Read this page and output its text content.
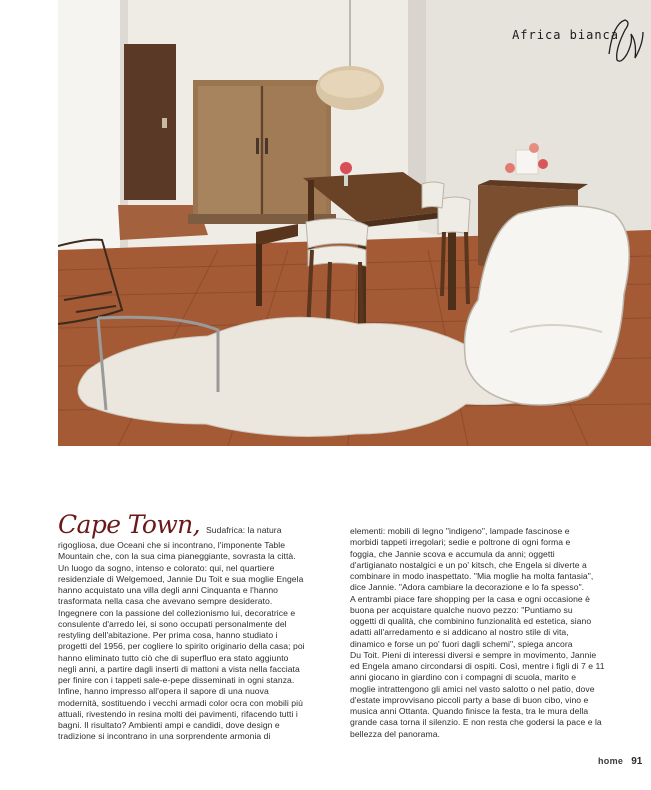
Africa bianca
Cape Town, Sudafrica: la natura

rigogliosa, due Oceani che si incontrano, l'imponente Table

Mountain che, con la sua cima pianeggiante, sovrasta la città.

Un luogo da sogno, intenso e colorato: qui, nel quartiere

residenziale di Welgemoed, Jannie Du Toit e sua moglie Engela

hanno acquistato una villa degli anni Cinquanta e l'hanno

trasformata nella casa che avevano sempre desiderato.

Ingegnere con la passione del collezionismo lui, decoratrice e

consulente d'arredo lei, si sono occupati personalmente del

restyling dell'abitazione. Per prima cosa, hanno studiato i

progetti del 1956, per cogliere lo spirito originario della casa; poi

hanno eliminato tutto ciò che di superfluo era stato aggiunto

negli anni, a partire dagli inserti di mattoni a vista nella facciata

per finire con i tappeti sale-e-pepe disseminati in ogni stanza.

Infine, hanno impresso all'opera il sapore di una nuova

modernità, sostituendo i vecchi armadi color ocra con mobili più

attuali, rivestendo in resina molti dei pavimenti, rifacendo tutti i

bagni. Il risultato? Ambienti ampi e candidi, dove design e

tradizione si incontrano in una sorprendente armonia di

elementi: mobili di legno "indigeno", lampade fascinose e

morbidi tappeti irregolari; sedie e poltrone di ogni forma e

foggia, che Jannie scova e accumula da anni; oggetti

d'artigianato nostalgici e un po' kitsch, che Engela si diverte a

combinare in modo inaspettato. "Mia moglie ha molta fantasia",

dice Jannie. "Adora cambiare la decorazione e lo fa spesso".

A entrambi piace fare shopping per la casa e ogni occasione è

buona per acquistare qualche nuovo pezzo: "Puntiamo su

oggetti di qualità, che combinino funzionalità ed estetica, siano

adatti all'arredamento e si addicano al nostro stile di vita,

dinamico e forse un po' fuori dagli schemi", spiega ancora

Du Toit. Pieni di interessi diversi e sempre in movimento, Jannie

ed Engela amano circondarsi di ospiti. Così, mentre i figli di 7 e 11

anni giocano in giardino con i compagni di scuola, marito e

moglie intrattengono gli amici nel vasto salotto o nel patio, dove

d'estate improvvisano piccoli party a base di buon cibo, vino e

musica anni Ottanta. Quando finisce la festa, tra le mura della

grande casa torna il silenzio. E non resta che godersi la pace e la

bellezza del panorama.

home 91
